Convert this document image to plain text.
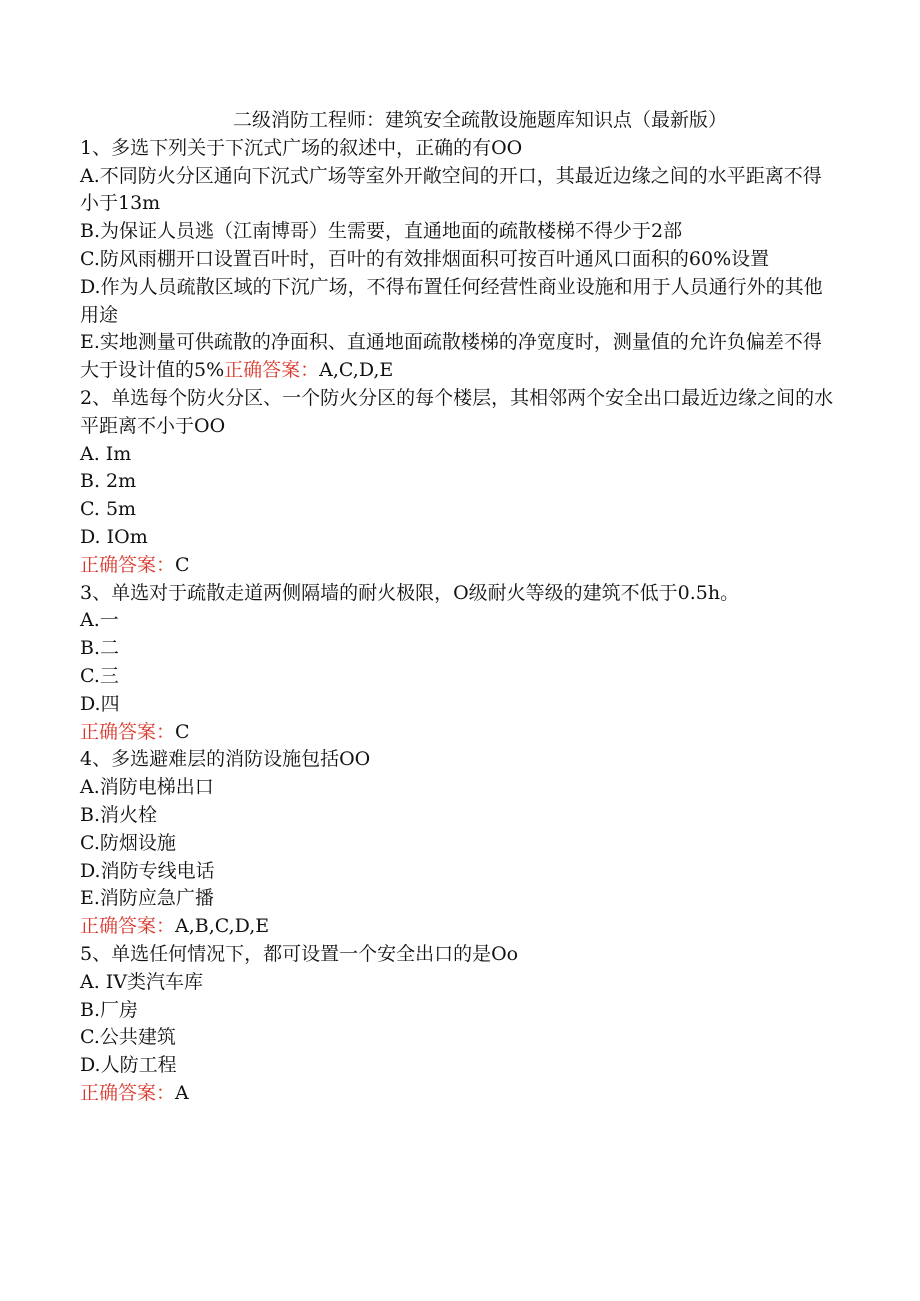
二级消防工程师：建筑安全疏散设施题库知识点（最新版）

1、多选下列关于下沉式广场的叙述中，正确的有OO

A.不同防火分区通向下沉式广场等室外开敞空间的开口，其最近边缘之间的水平距离不得小于13m

B.为保证人员逃（江南博哥）生需要，直通地面的疏散楼梯不得少于2部

C.防风雨棚开口设置百叶时，百叶的有效排烟面积可按百叶通风口面积的60%设置

D.作为人员疏散区域的下沉广场，不得布置任何经营性商业设施和用于人员通行外的其他用途

E.实地测量可供疏散的净面积、直通地面疏散楼梯的净宽度时，测量值的允许负偏差不得大于设计值的5%正确答案：A,C,D,E

2、单选每个防火分区、一个防火分区的每个楼层，其相邻两个安全出口最近边缘之间的水平距离不小于OO

A. Im

B. 2m

C. 5m

D. IOm

正确答案：C

3、单选对于疏散走道两侧隔墙的耐火极限，O级耐火等级的建筑不低于0.5h。

A.一

B.二

C.三

D.四

正确答案：C

4、多选避难层的消防设施包括OO

A.消防电梯出口

B.消火栓

C.防烟设施

D.消防专线电话

E.消防应急广播

正确答案：A,B,C,D,E

5、单选任何情况下，都可设置一个安全出口的是Oo

A. IV类汽车库

B.厂房

C.公共建筑

D.人防工程

正确答案：A
